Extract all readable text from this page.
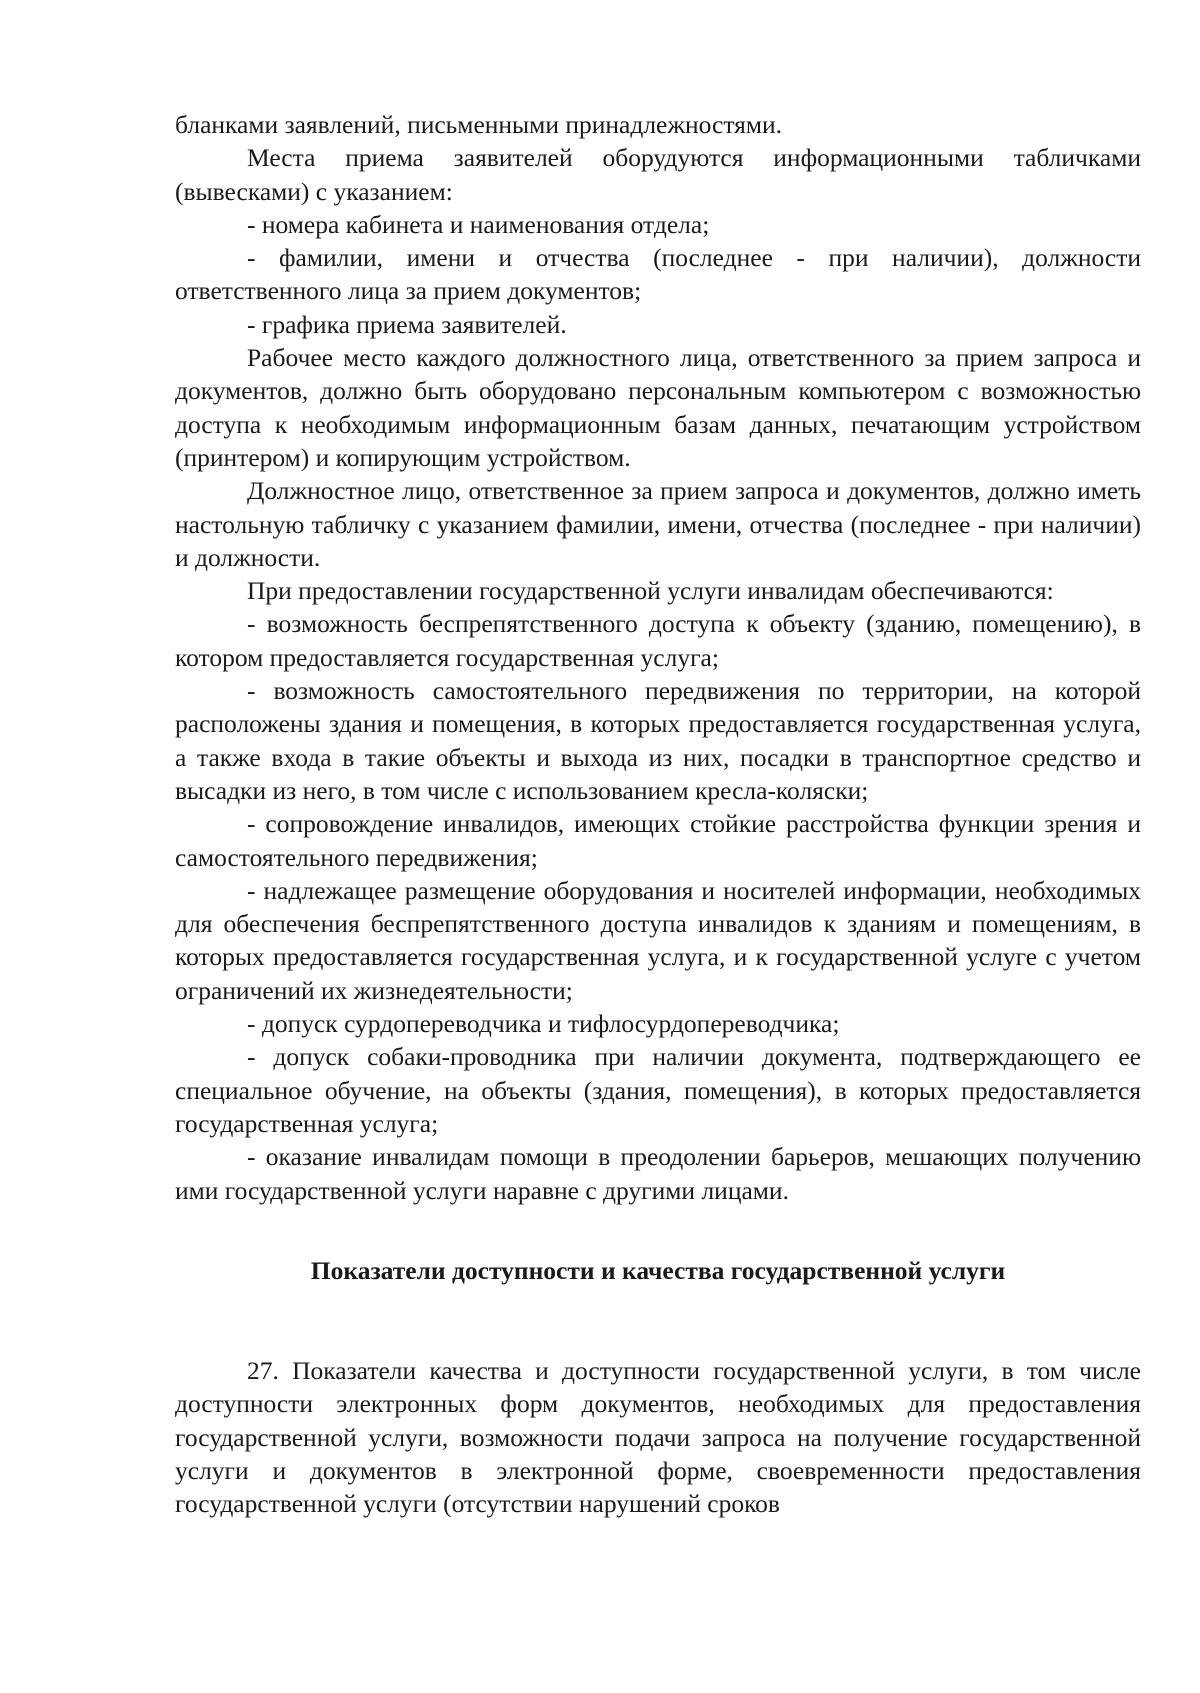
бланками заявлений, письменными принадлежностями.

Места приема заявителей оборудуются информационными табличками (вывесками) с указанием:

- номера кабинета и наименования отдела;

- фамилии, имени и отчества (последнее - при наличии), должности ответственного лица за прием документов;

- графика приема заявителей.

Рабочее место каждого должностного лица, ответственного за прием запроса и документов, должно быть оборудовано персональным компьютером с возможностью доступа к необходимым информационным базам данных, печатающим устройством (принтером) и копирующим устройством.

Должностное лицо, ответственное за прием запроса и документов, должно иметь настольную табличку с указанием фамилии, имени, отчества (последнее - при наличии) и должности.

При предоставлении государственной услуги инвалидам обеспечиваются:

- возможность беспрепятственного доступа к объекту (зданию, помещению), в котором предоставляется государственная услуга;

- возможность самостоятельного передвижения по территории, на которой расположены здания и помещения, в которых предоставляется государственная услуга, а также входа в такие объекты и выхода из них, посадки в транспортное средство и высадки из него, в том числе с использованием кресла-коляски;

- сопровождение инвалидов, имеющих стойкие расстройства функции зрения и самостоятельного передвижения;

- надлежащее размещение оборудования и носителей информации, необходимых для обеспечения беспрепятственного доступа инвалидов к зданиям и помещениям, в которых предоставляется государственная услуга, и к государственной услуге с учетом ограничений их жизнедеятельности;

- допуск сурдопереводчика и тифлосурдопереводчика;

- допуск собаки-проводника при наличии документа, подтверждающего ее специальное обучение, на объекты (здания, помещения), в которых предоставляется государственная услуга;

- оказание инвалидам помощи в преодолении барьеров, мешающих получению ими государственной услуги наравне с другими лицами.

Показатели доступности и качества государственной услуги

27. Показатели качества и доступности государственной услуги, в том числе доступности электронных форм документов, необходимых для предоставления государственной услуги, возможности подачи запроса на получение государственной услуги и документов в электронной форме, своевременности предоставления государственной услуги (отсутствии нарушений сроков
